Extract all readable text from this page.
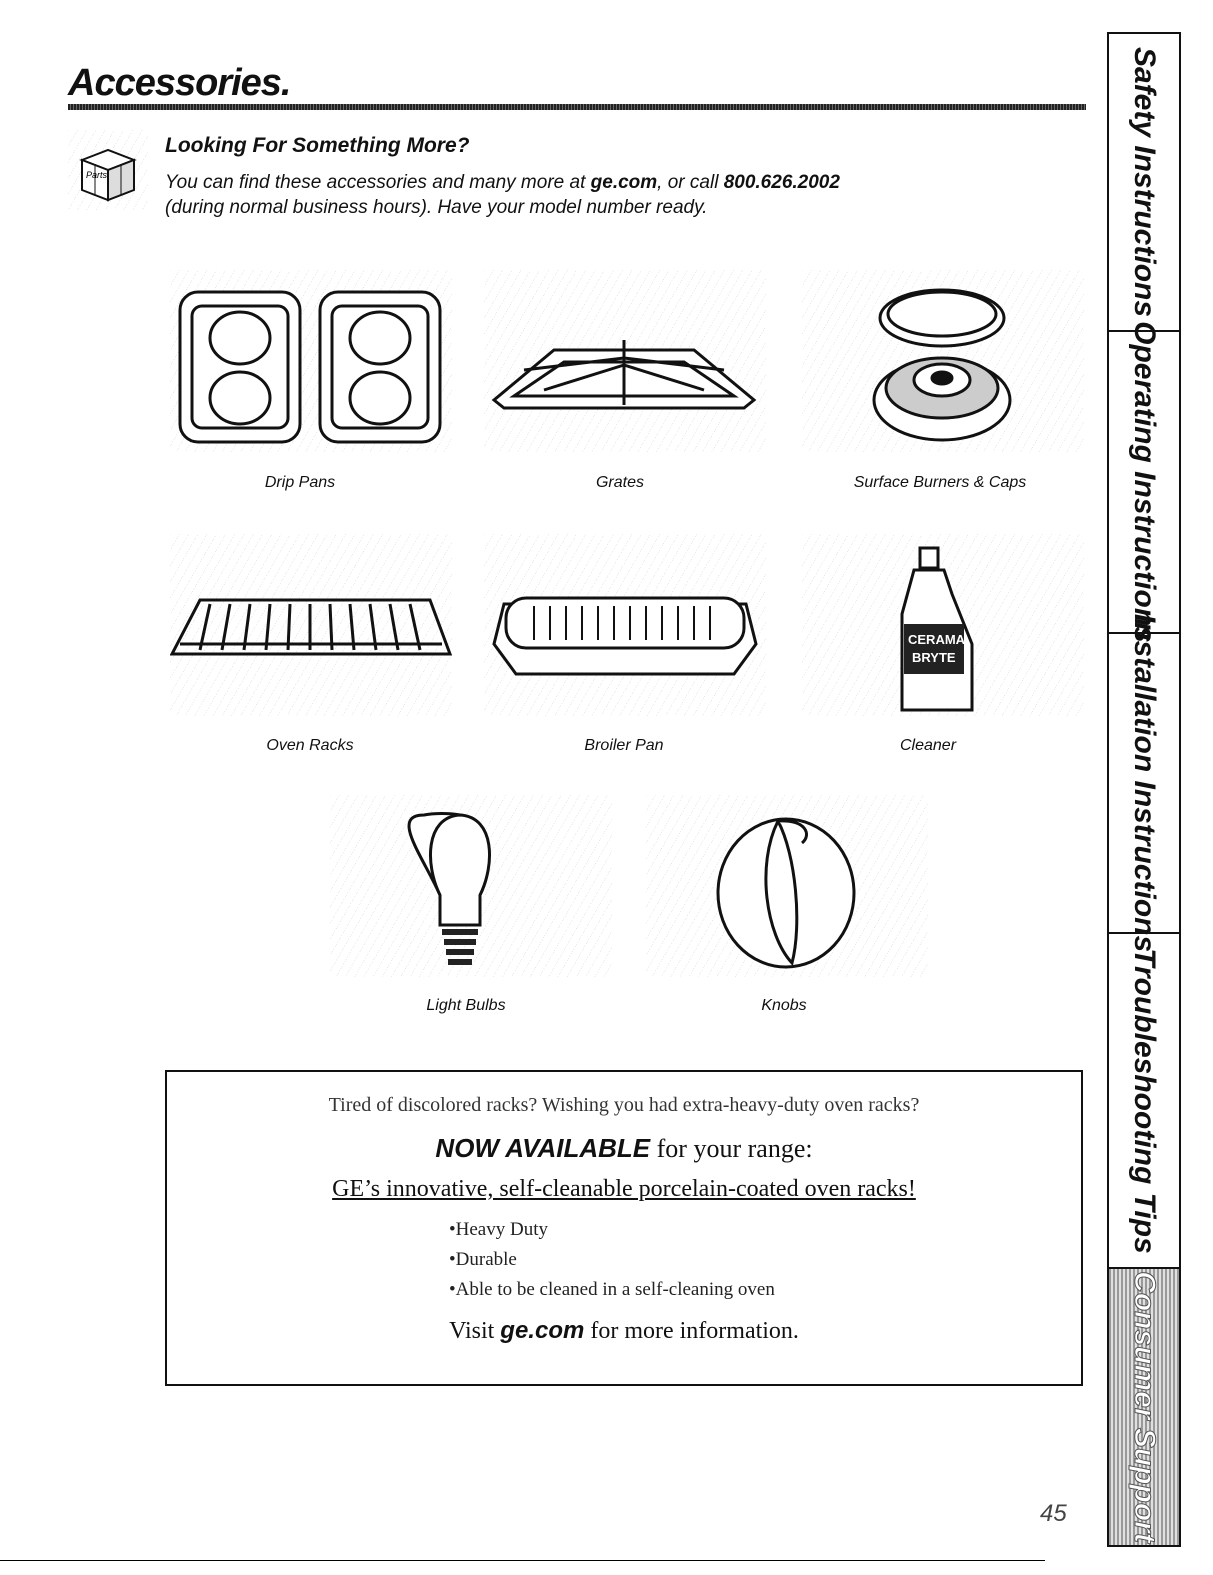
Accessories.
Parts
Looking For Something More?
You can find these accessories and many more at ge.com, or call 800.626.2002
(during normal business hours). Have your model number ready.
Drip Pans	Grates	Surface Burners & Caps
Oven Racks	Broiler Pan
CERAMA
BRYTE
Cleaner
Light Bulbs	Knobs
Tired of discolored racks? Wishing you had extra-heavy-duty oven racks?
NOW AVAILABLE for your range:
GE’s innovative, self-cleanable porcelain-coated oven racks!
• Heavy Duty
• Durable
• Able to be cleaned in a self-cleaning oven
Visit ge.com for more information.
Safety Instructions
Operating Instructions
Installation Instructions
Troubleshooting Tips
Consumer Support
45
